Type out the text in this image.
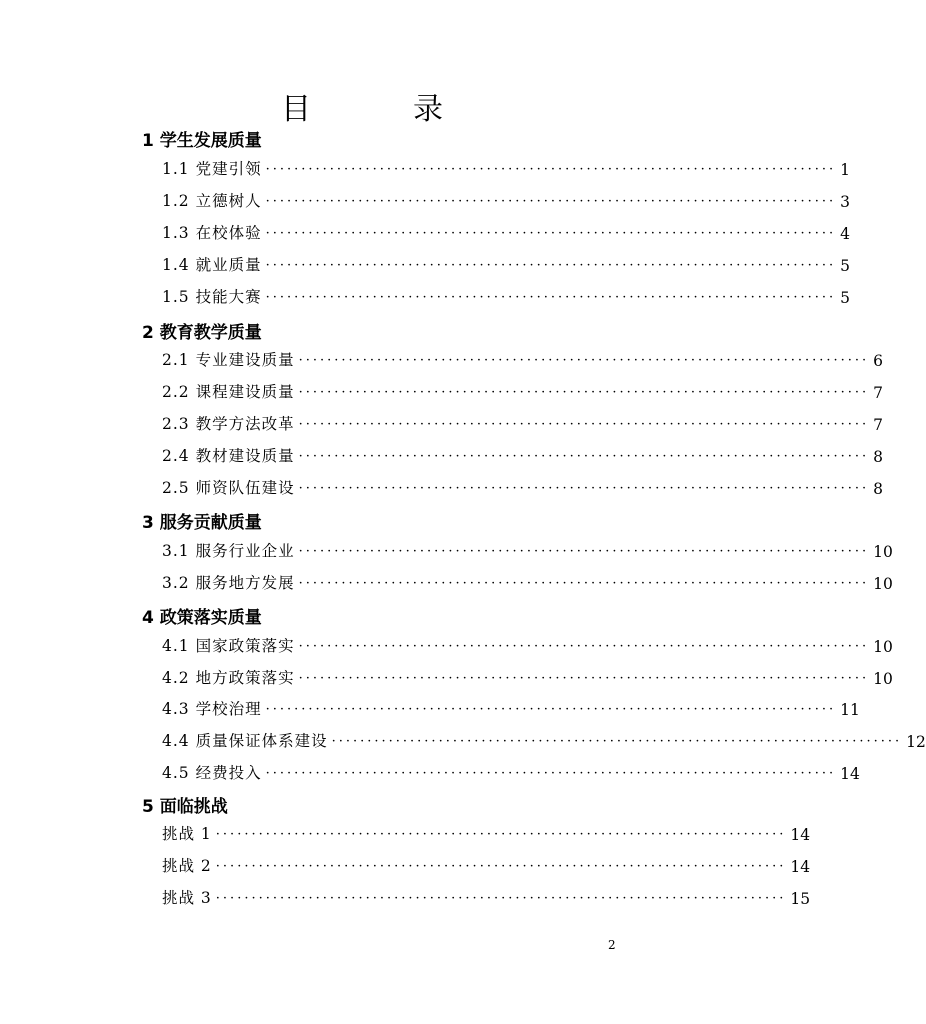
目　录
1 学生发展质量
1.1 党建引领 ················································································ 1
1.2 立德树人 ················································································ 3
1.3 在校体验 ················································································ 4
1.4 就业质量 ················································································ 5
1.5 技能大赛 ················································································ 5
2 教育教学质量
2.1 专业建设质量 ················································································ 6
2.2 课程建设质量 ················································································ 7
2.3 教学方法改革 ················································································ 7
2.4 教材建设质量 ················································································ 8
2.5 师资队伍建设 ················································································ 8
3 服务贡献质量
3.1 服务行业企业 ················································································ 10
3.2 服务地方发展 ················································································ 10
4 政策落实质量
4.1 国家政策落实 ················································································ 10
4.2 地方政策落实 ················································································ 10
4.3 学校治理 ················································································ 11
4.4 质量保证体系建设 ················································································ 12
4.5 经费投入 ················································································ 14
5 面临挑战
挑战 1 ················································································ 14
挑战 2 ················································································ 14
挑战 3 ················································································ 15
2
